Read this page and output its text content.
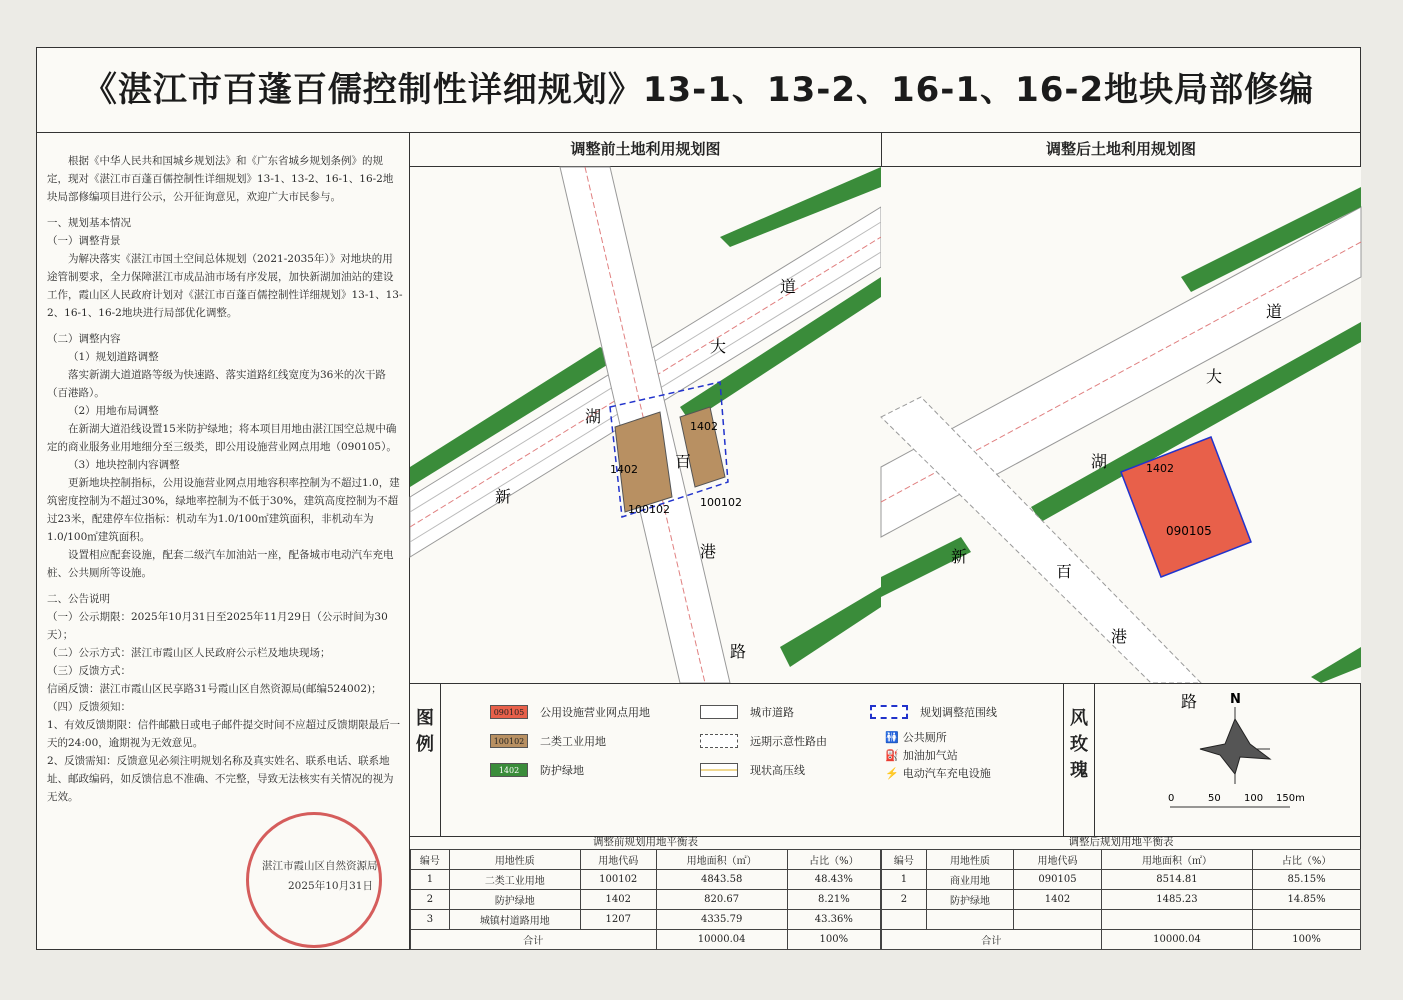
《湛江市百蓬百儒控制性详细规划》13-1、13-2、16-1、16-2地块局部修编

根据《中华人民共和国城乡规划法》和《广东省城乡规划条例》的规定，现对《湛江市百蓬百儒控制性详细规划》13-1、13-2、16-1、16-2地块局部修编项目进行公示，公开征询意见，欢迎广大市民参与。

一、规划基本情况

（一）调整背景

为解决落实《湛江市国土空间总体规划（2021-2035年）》对地块的用途管制要求，全力保障湛江市成品油市场有序发展，加快新湖加油站的建设工作，霞山区人民政府计划对《湛江市百蓬百儒控制性详细规划》13-1、13-2、16-1、16-2地块进行局部优化调整。

（二）调整内容

（1）规划道路调整

落实新湖大道道路等级为快速路、落实道路红线宽度为36米的次干路（百港路）。

（2）用地布局调整

在新湖大道沿线设置15米防护绿地；将本项目用地由湛江国空总规中确定的商业服务业用地细分至三级类，即公用设施营业网点用地（090105）。

（3）地块控制内容调整

更新地块控制指标，公用设施营业网点用地容积率控制为不超过1.0，建筑密度控制为不超过30%，绿地率控制为不低于30%，建筑高度控制为不超过23米，配建停车位指标：机动车为1.0/100㎡建筑面积，非机动车为1.0/100㎡建筑面积。

设置相应配套设施，配套二级汽车加油站一座，配备城市电动汽车充电桩、公共厕所等设施。

二、公告说明

（一）公示期限：2025年10月31日至2025年11月29日（公示时间为30天）；

（二）公示方式：湛江市霞山区人民政府公示栏及地块现场；

（三）反馈方式：

信函反馈：湛江市霞山区民享路31号霞山区自然资源局(邮编524002)；

（四）反馈须知：

1、有效反馈期限：信件邮戳日或电子邮件提交时间不应超过反馈期限最后一天的24:00，逾期视为无效意见。

2、反馈需知：反馈意见必须注明规划名称及真实姓名、联系电话、联系地址、邮政编码，如反馈信息不准确、不完整，导致无法核实有关情况的视为无效。

调整前土地利用规划图	调整后土地利用规划图
道
大
湖
新
百
港
路
1402
1402
100102
100102
道
大
湖
新
百
港
路
1402
090105
图例
090105	公用设施营业网点用地
100102	二类工业用地
1402	防护绿地
城市道路
远期示意性路由
现状高压线
规划调整范围线
🚻 公共厕所
⛽ 加油加气站
⚡ 电动汽车充电设施
风玫瑰
N
0	50 100 150m
调整前规划用地平衡表
编号	用地性质	用地代码	用地面积（㎡）	占比（%）
1	二类工业用地	100102	4843.58	48.43%
2	防护绿地	1402	820.67	8.21%
3	城镇村道路用地	1207	4335.79	43.36%
合计			10000.04	100%
调整后规划用地平衡表
编号	用地性质	用地代码	用地面积（㎡）	占比（%）
1	商业用地	090105	8514.81	85.15%
2	防护绿地	1402	1485.23	14.85%

合计			10000.04	100%
湛江市霞山区自然资源局
2025年10月31日
